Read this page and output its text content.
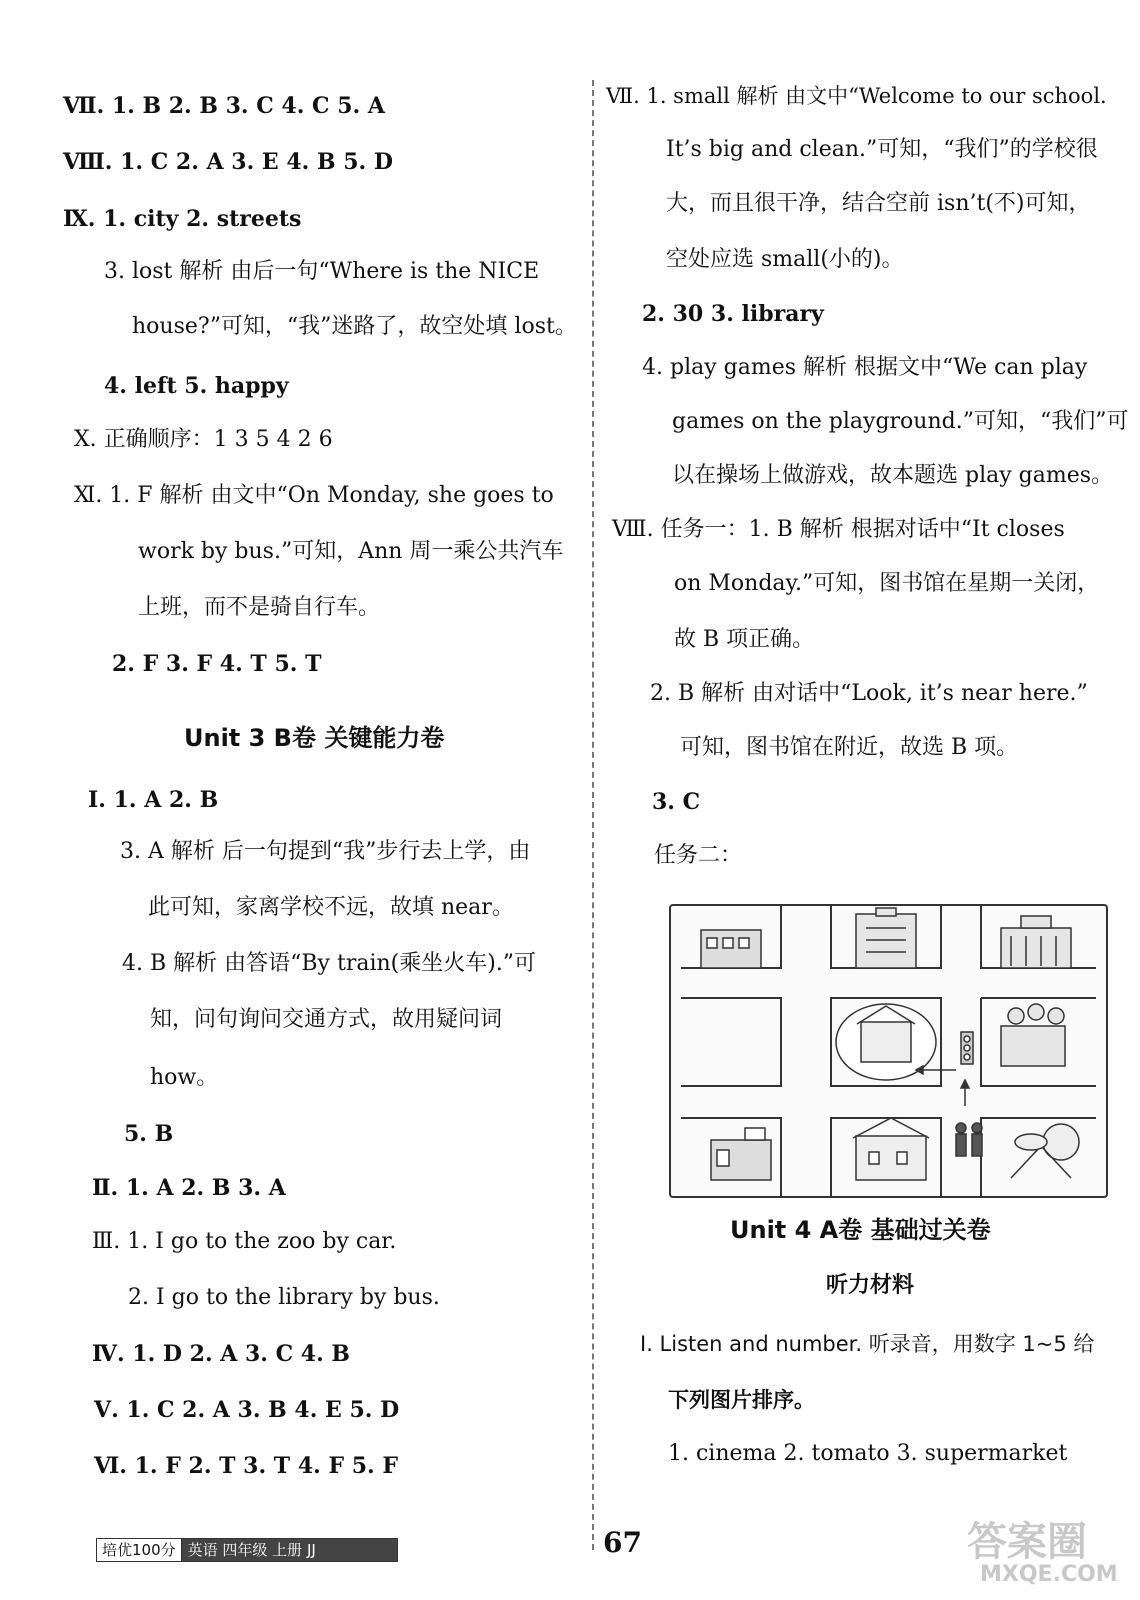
Ⅶ. 1. B 2. B 3. C 4. C 5. A
Ⅷ. 1. C 2. A 3. E 4. B 5. D
Ⅸ. 1. city 2. streets
3. lost 解析 由后一句“Where is the NICE
house?”可知，“我”迷路了，故空处填 lost。
4. left 5. happy
Ⅹ. 正确顺序：1 3 5 4 2 6
Ⅺ. 1. F 解析 由文中“On Monday, she goes to
work by bus.”可知，Ann 周一乘公共汽车
上班，而不是骑自行车。
2. F 3. F 4. T 5. T
Unit 3 B卷 关键能力卷
Ⅰ. 1. A 2. B
3. A 解析 后一句提到“我”步行去上学，由
此可知，家离学校不远，故填 near。
4. B 解析 由答语“By train(乘坐火车).”可
知，问句询问交通方式，故用疑问词
how。
5. B
Ⅱ. 1. A 2. B 3. A
Ⅲ. 1. I go to the zoo by car.
2. I go to the library by bus.
Ⅳ. 1. D 2. A 3. C 4. B
Ⅴ. 1. C 2. A 3. B 4. E 5. D
Ⅵ. 1. F 2. T 3. T 4. F 5. F
Ⅶ. 1. small 解析 由文中“Welcome to our school.
It’s big and clean.”可知，“我们”的学校很
大，而且很干净，结合空前 isn’t(不)可知，
空处应选 small(小的)。
2. 30 3. library
4. play games 解析 根据文中“We can play
games on the playground.”可知，“我们”可
以在操场上做游戏，故本题选 play games。
Ⅷ. 任务一：1. B 解析 根据对话中“It closes
on Monday.”可知，图书馆在星期一关闭，
故 B 项正确。
2. B 解析 由对话中“Look, it’s near here.”
可知，图书馆在附近，故选 B 项。
3. C
任务二：
Unit 4 A卷 基础过关卷
听力材料
Ⅰ. Listen and number. 听录音，用数字 1~5 给
下列图片排序。
1. cinema 2. tomato 3. supermarket
培优100分 英语 四年级 上册 JJ	67	答案圈
MXQE.COM
